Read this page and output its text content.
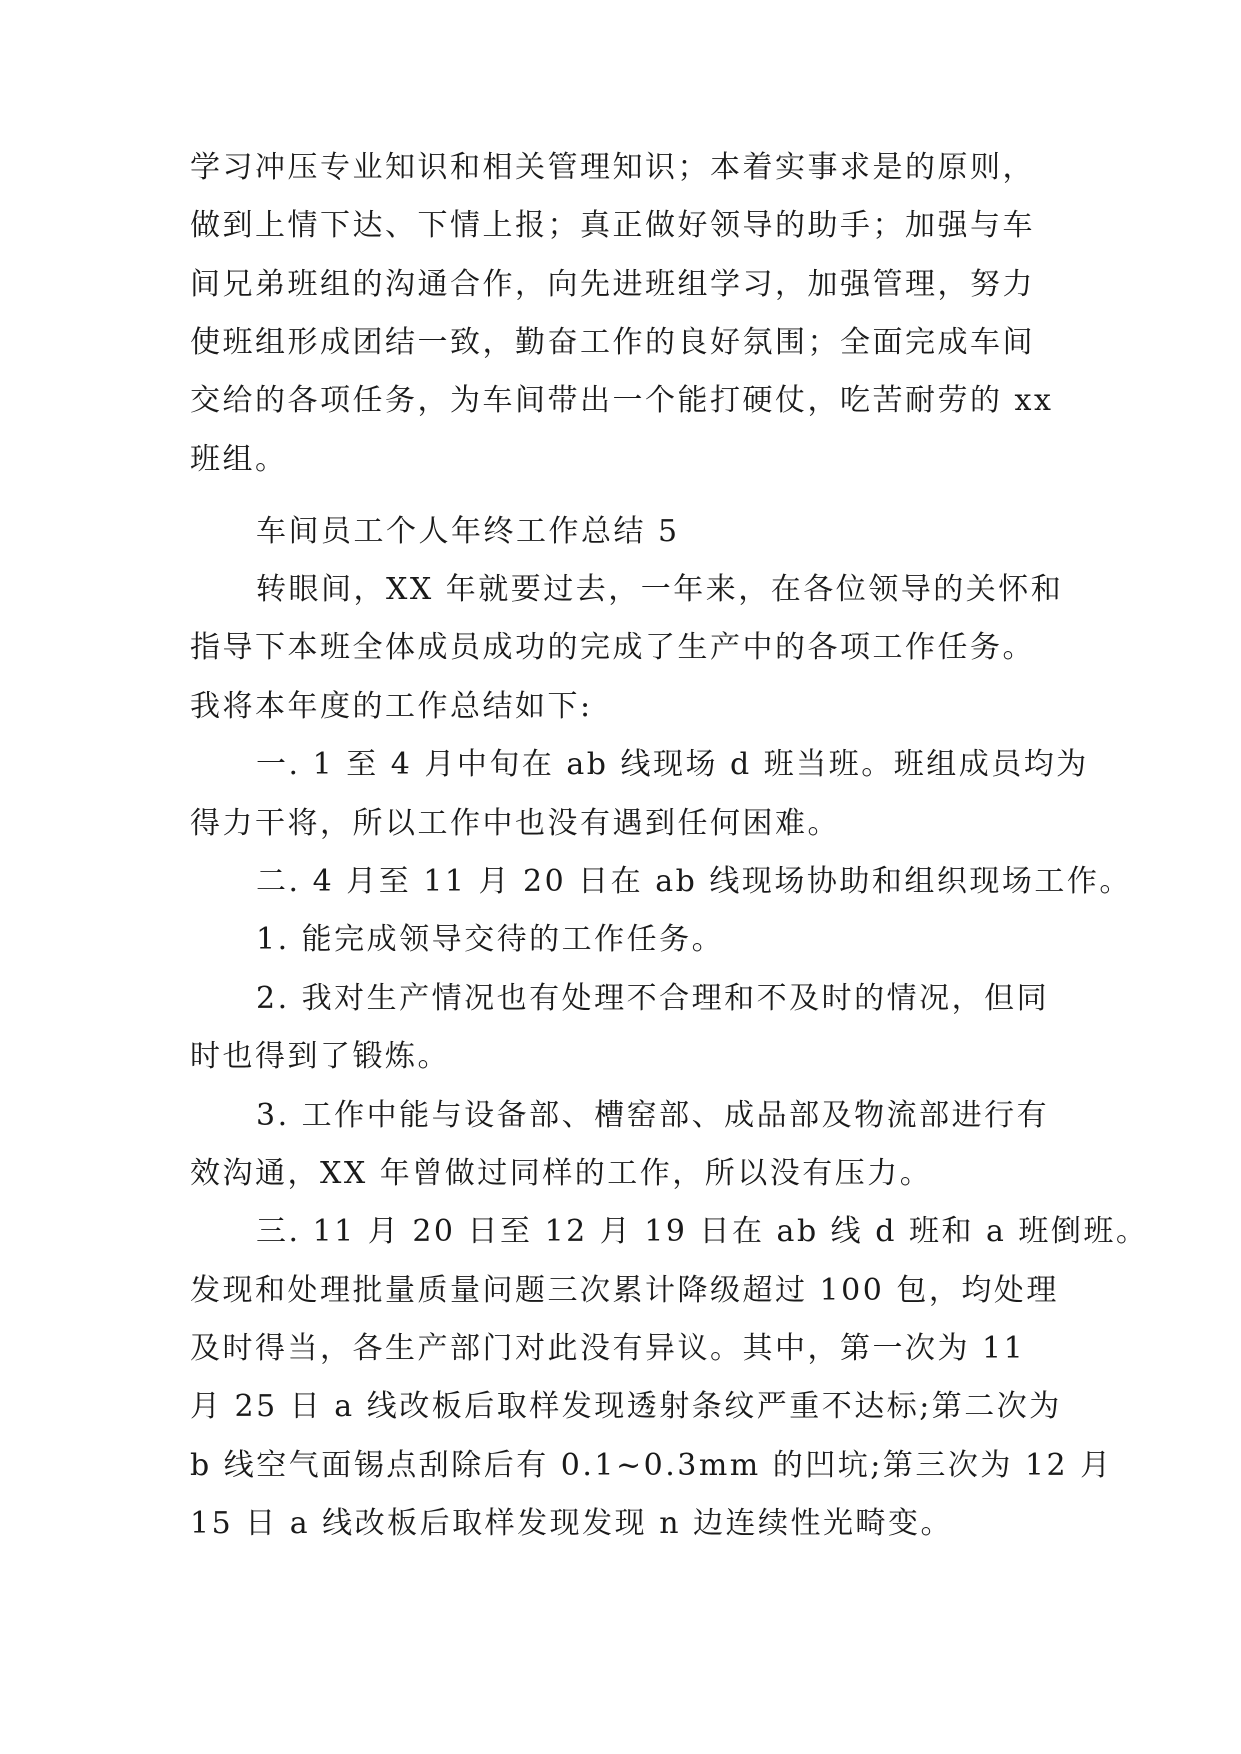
学习冲压专业知识和相关管理知识；本着实事求是的原则，
做到上情下达、下情上报；真正做好领导的助手；加强与车
间兄弟班组的沟通合作，向先进班组学习，加强管理，努力
使班组形成团结一致，勤奋工作的良好氛围；全面完成车间
交给的各项任务，为车间带出一个能打硬仗，吃苦耐劳的 xx
班组。
车间员工个人年终工作总结 5
转眼间，XX 年就要过去，一年来，在各位领导的关怀和
指导下本班全体成员成功的完成了生产中的各项工作任务。
我将本年度的工作总结如下:
一. 1 至 4 月中旬在 ab 线现场 d 班当班。班组成员均为
得力干将，所以工作中也没有遇到任何困难。
二. 4 月至 11 月 20 日在 ab 线现场协助和组织现场工作。
1. 能完成领导交待的工作任务。
2. 我对生产情况也有处理不合理和不及时的情况，但同
时也得到了锻炼。
3. 工作中能与设备部、槽窑部、成品部及物流部进行有
效沟通，XX 年曾做过同样的工作，所以没有压力。
三. 11 月 20 日至 12 月 19 日在 ab 线 d 班和 a 班倒班。
发现和处理批量质量问题三次累计降级超过 100 包，均处理
及时得当，各生产部门对此没有异议。其中，第一次为 11
月 25 日 a 线改板后取样发现透射条纹严重不达标;第二次为
b 线空气面锡点刮除后有 0.1~0.3mm 的凹坑;第三次为 12 月
15 日 a 线改板后取样发现发现 n 边连续性光畸变。
